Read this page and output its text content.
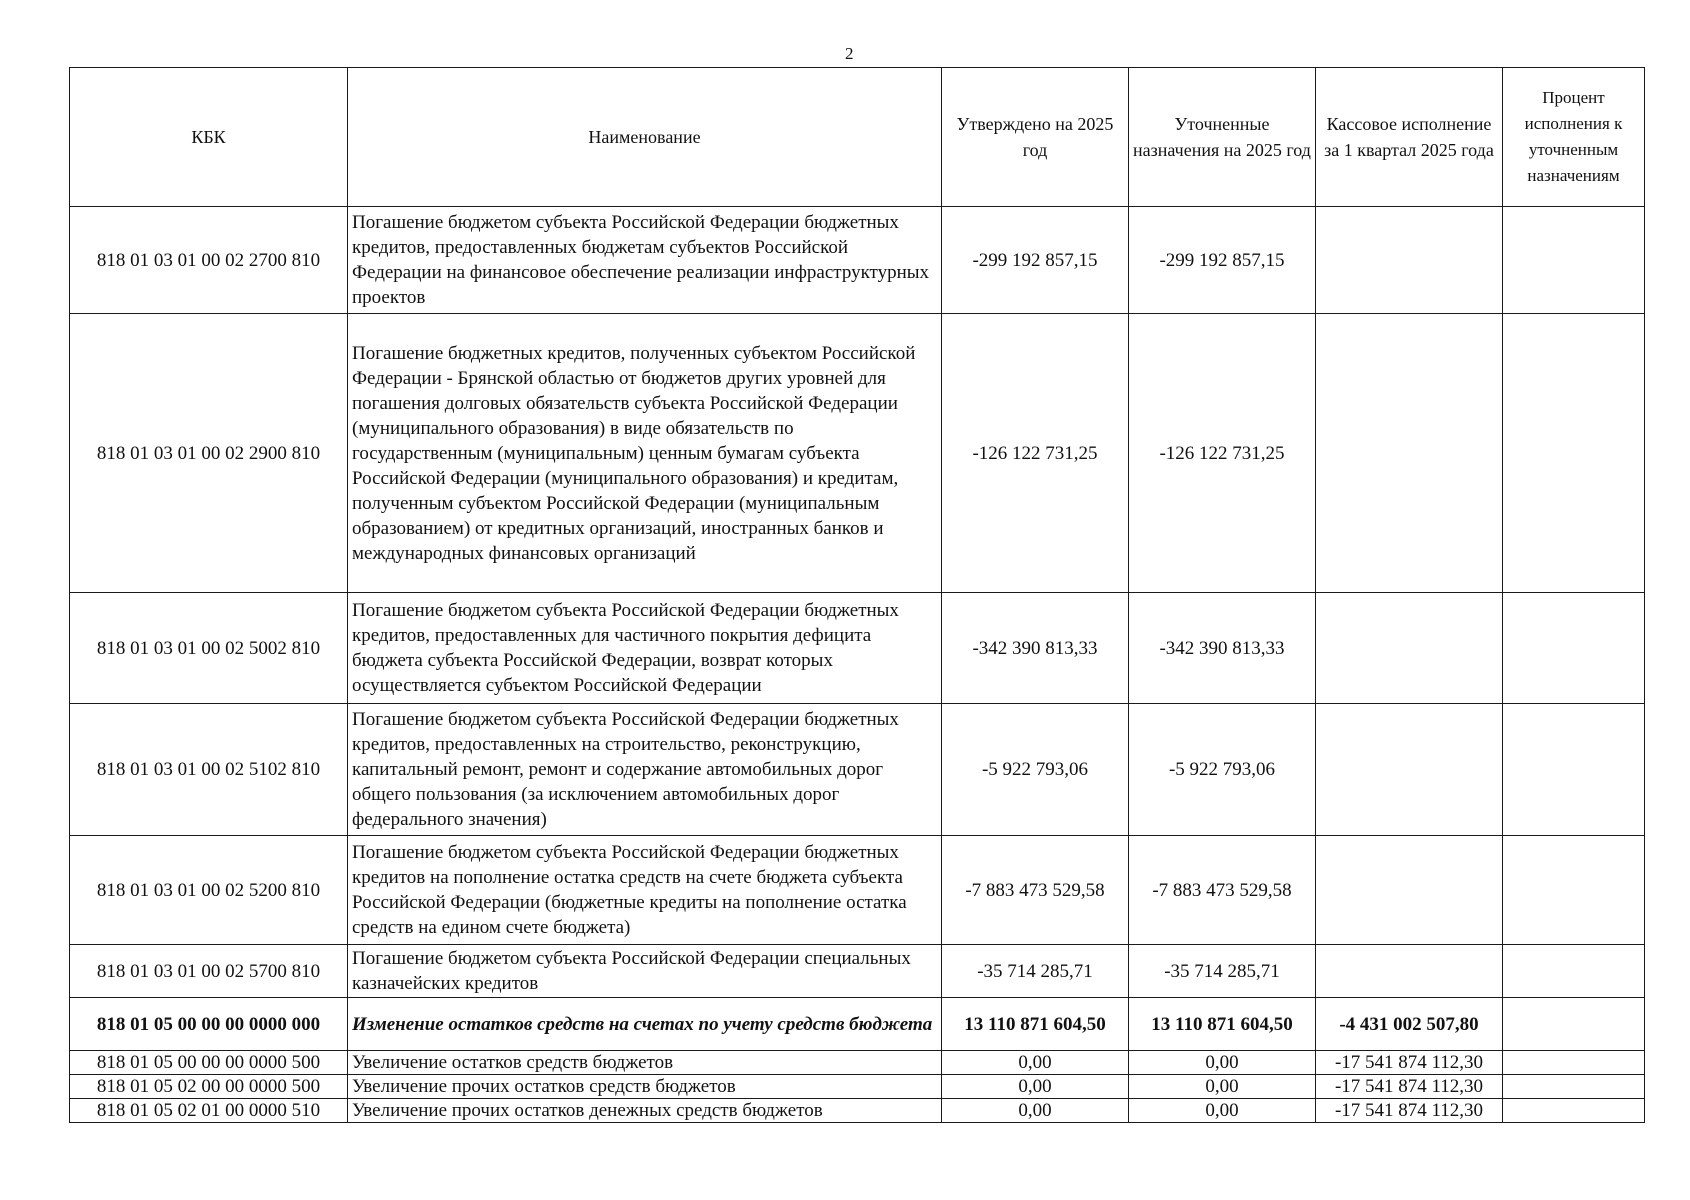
2
КБК	Наименование	Утверждено на 2025 год	Уточненные назначения на 2025 год	Кассовое исполнение за 1 квартал 2025 года	Процент исполнения к уточненным назначениям
818 01 03 01 00 02 2700 810	Погашение бюджетом субъекта Российской Федерации бюджетных кредитов, предоставленных бюджетам субъектов Российской Федерации на финансовое обеспечение реализации инфраструктурных проектов	-299 192 857,15	-299 192 857,15		
818 01 03 01 00 02 2900 810	Погашение бюджетных кредитов, полученных субъектом Российской Федерации - Брянской областью от бюджетов других уровней для погашения долговых обязательств субъекта Российской Федерации (муниципального образования) в виде обязательств по государственным (муниципальным) ценным бумагам субъекта Российской Федерации (муниципального образования) и кредитам, полученным субъектом Российской Федерации (муниципальным образованием) от кредитных организаций, иностранных банков и международных финансовых организаций	-126 122 731,25	-126 122 731,25		
818 01 03 01 00 02 5002 810	Погашение бюджетом субъекта Российской Федерации бюджетных кредитов, предоставленных для частичного покрытия дефицита бюджета субъекта Российской Федерации, возврат которых осуществляется субъектом Российской Федерации	-342 390 813,33	-342 390 813,33		
818 01 03 01 00 02 5102 810	Погашение бюджетом субъекта Российской Федерации бюджетных кредитов, предоставленных на строительство, реконструкцию, капитальный ремонт, ремонт и содержание автомобильных дорог общего пользования (за исключением автомобильных дорог федерального значения)	-5 922 793,06	-5 922 793,06		
818 01 03 01 00 02 5200 810	Погашение бюджетом субъекта Российской Федерации бюджетных кредитов на пополнение остатка средств на счете бюджета субъекта Российской Федерации (бюджетные кредиты на пополнение остатка средств на едином счете бюджета)	-7 883 473 529,58	-7 883 473 529,58		
818 01 03 01 00 02 5700 810	Погашение бюджетом субъекта Российской Федерации специальных казначейских кредитов	-35 714 285,71	-35 714 285,71		
818 01 05 00 00 00 0000 000	Изменение остатков средств на счетах по учету средств бюджета	13 110 871 604,50	13 110 871 604,50	-4 431 002 507,80	
818 01 05 00 00 00 0000 500	Увеличение остатков средств бюджетов	0,00	0,00	-17 541 874 112,30	
818 01 05 02 00 00 0000 500	Увеличение прочих остатков средств бюджетов	0,00	0,00	-17 541 874 112,30	
818 01 05 02 01 00 0000 510	Увеличение прочих остатков денежных средств бюджетов	0,00	0,00	-17 541 874 112,30	
